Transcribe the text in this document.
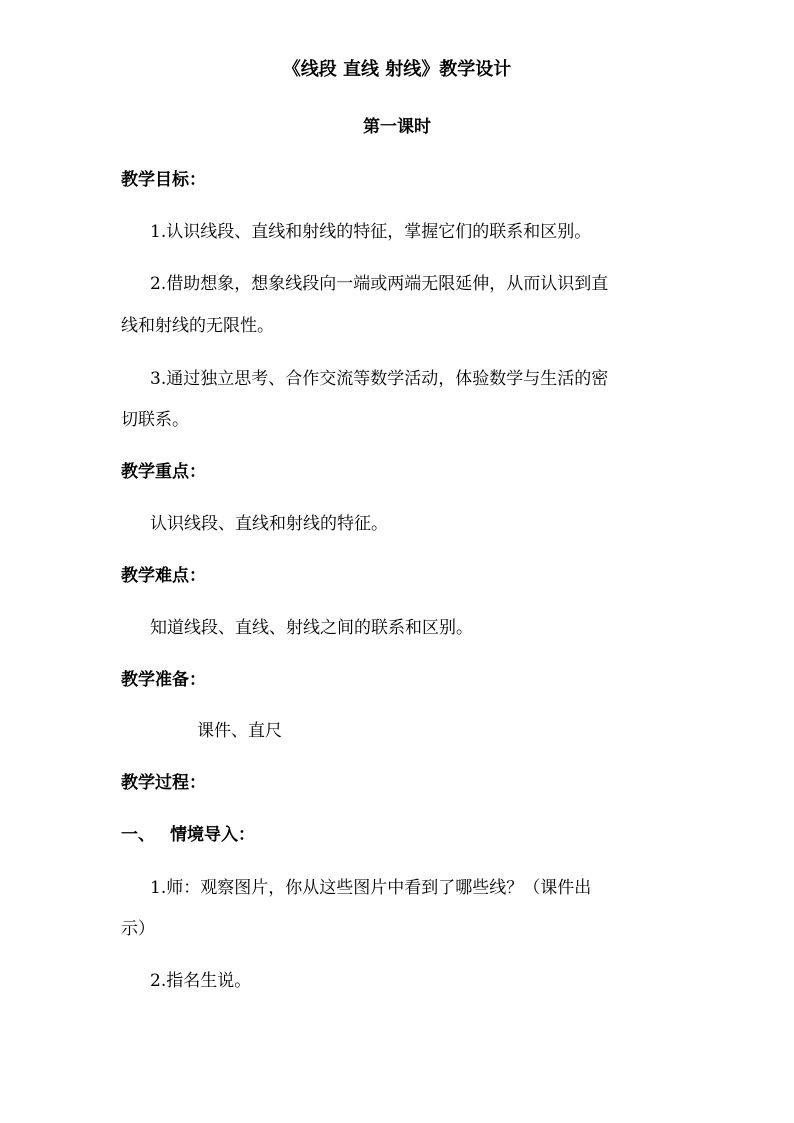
《线段 直线 射线》教学设计
第一课时
教学目标：
1.认识线段、直线和射线的特征，掌握它们的联系和区别。
2.借助想象，想象线段向一端或两端无限延伸，从而认识到直
线和射线的无限性。
3.通过独立思考、合作交流等数学活动，体验数学与生活的密
切联系。
教学重点：
认识线段、直线和射线的特征。
教学难点：
知道线段、直线、射线之间的联系和区别。
教学准备：
课件、直尺
教学过程：
一、 情境导入：
1.师：观察图片，你从这些图片中看到了哪些线？（课件出
示）
2.指名生说。
